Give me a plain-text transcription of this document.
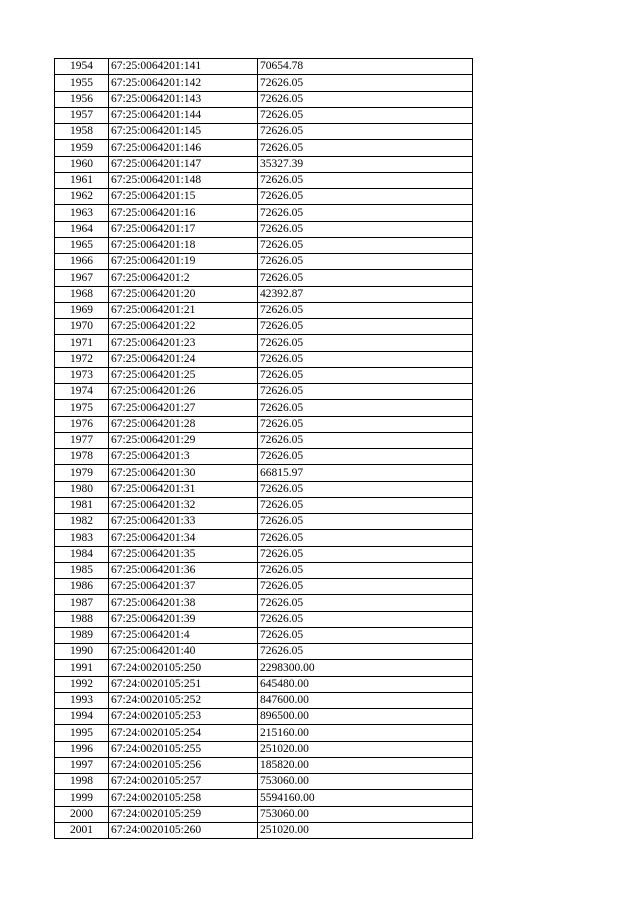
1954	67:25:0064201:141	70654.78
1955	67:25:0064201:142	72626.05
1956	67:25:0064201:143	72626.05
1957	67:25:0064201:144	72626.05
1958	67:25:0064201:145	72626.05
1959	67:25:0064201:146	72626.05
1960	67:25:0064201:147	35327.39
1961	67:25:0064201:148	72626.05
1962	67:25:0064201:15	72626.05
1963	67:25:0064201:16	72626.05
1964	67:25:0064201:17	72626.05
1965	67:25:0064201:18	72626.05
1966	67:25:0064201:19	72626.05
1967	67:25:0064201:2	72626.05
1968	67:25:0064201:20	42392.87
1969	67:25:0064201:21	72626.05
1970	67:25:0064201:22	72626.05
1971	67:25:0064201:23	72626.05
1972	67:25:0064201:24	72626.05
1973	67:25:0064201:25	72626.05
1974	67:25:0064201:26	72626.05
1975	67:25:0064201:27	72626.05
1976	67:25:0064201:28	72626.05
1977	67:25:0064201:29	72626.05
1978	67:25:0064201:3	72626.05
1979	67:25:0064201:30	66815.97
1980	67:25:0064201:31	72626.05
1981	67:25:0064201:32	72626.05
1982	67:25:0064201:33	72626.05
1983	67:25:0064201:34	72626.05
1984	67:25:0064201:35	72626.05
1985	67:25:0064201:36	72626.05
1986	67:25:0064201:37	72626.05
1987	67:25:0064201:38	72626.05
1988	67:25:0064201:39	72626.05
1989	67:25:0064201:4	72626.05
1990	67:25:0064201:40	72626.05
1991	67:24:0020105:250	2298300.00
1992	67:24:0020105:251	645480.00
1993	67:24:0020105:252	847600.00
1994	67:24:0020105:253	896500.00
1995	67:24:0020105:254	215160.00
1996	67:24:0020105:255	251020.00
1997	67:24:0020105:256	185820.00
1998	67:24:0020105:257	753060.00
1999	67:24:0020105:258	5594160.00
2000	67:24:0020105:259	753060.00
2001	67:24:0020105:260	251020.00
